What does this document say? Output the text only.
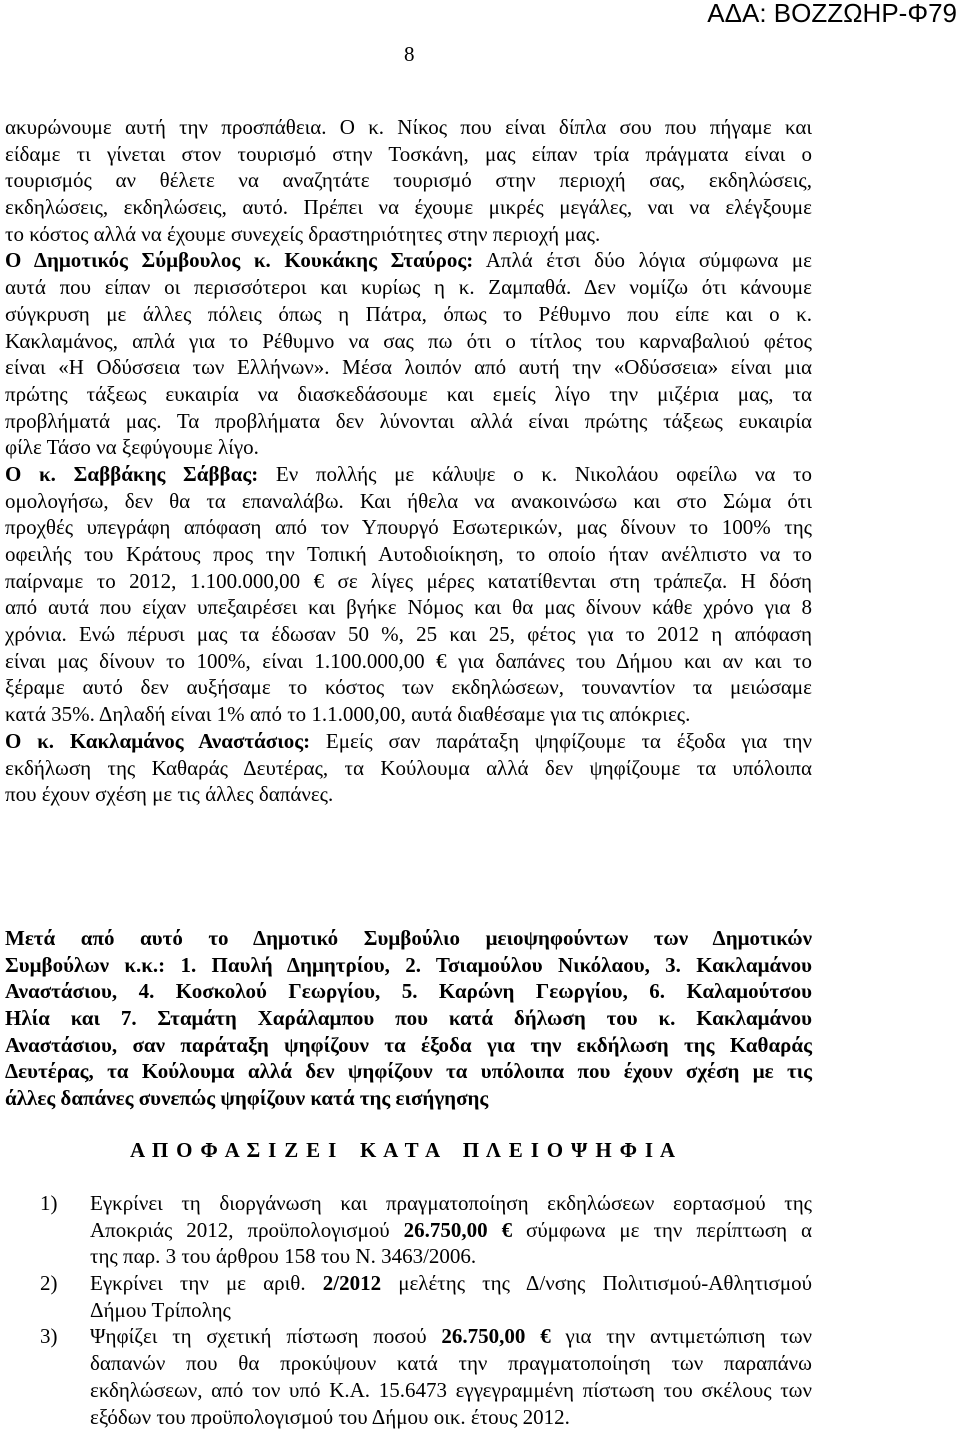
ΑΔΑ: ΒΟΖΖΩΗΡ-Φ79
8
ακυρώνουμε αυτή την προσπάθεια. Ο κ. Νίκος που είναι δίπλα σου που πήγαμε και
είδαμε τι γίνεται στον τουρισμό στην Τοσκάνη, μας είπαν τρία πράγματα είναι ο
τουρισμός αν θέλετε να αναζητάτε τουρισμό στην περιοχή σας, εκδηλώσεις,
εκδηλώσεις, εκδηλώσεις, αυτό. Πρέπει να έχουμε μικρές μεγάλες, ναι να ελέγξουμε
το κόστος αλλά να έχουμε συνεχείς δραστηριότητες στην περιοχή μας.
Ο Δημοτικός Σύμβουλος κ. Κουκάκης Σταύρος: Απλά έτσι δύο λόγια σύμφωνα με
αυτά που είπαν οι περισσότεροι και κυρίως η κ. Ζαμπαθά. Δεν νομίζω ότι κάνουμε
σύγκρυση με άλλες πόλεις όπως η Πάτρα, όπως το Ρέθυμνο που είπε και ο κ.
Κακλαμάνος, απλά για το Ρέθυμνο να σας πω ότι ο τίτλος του καρναβαλιού φέτος
είναι «Η Οδύσσεια των Ελλήνων». Μέσα λοιπόν από αυτή την «Οδύσσεια» είναι μια
πρώτης τάξεως ευκαιρία να διασκεδάσουμε και εμείς λίγο την μιζέρια μας, τα
προβλήματά μας. Τα προβλήματα δεν λύνονται αλλά είναι πρώτης τάξεως ευκαιρία
φίλε Τάσο να ξεφύγουμε λίγο.
Ο κ. Σαββάκης Σάββας: Εν πολλής με κάλυψε ο κ. Νικολάου οφείλω να το
ομολογήσω, δεν θα τα επαναλάβω. Και ήθελα να ανακοινώσω και στο Σώμα ότι
προχθές υπεγράφη απόφαση από τον Υπουργό Εσωτερικών, μας δίνουν το 100% της
οφειλής του Κράτους προς την Τοπική Αυτοδιοίκηση, το οποίο ήταν ανέλπιστο να το
παίρναμε το 2012, 1.100.000,00 € σε λίγες μέρες κατατίθενται στη τράπεζα. Η δόση
από αυτά που είχαν υπεξαιρέσει και βγήκε Νόμος και θα μας δίνουν κάθε χρόνο για 8
χρόνια. Ενώ πέρυσι μας τα έδωσαν 50 %, 25 και 25, φέτος για το 2012 η απόφαση
είναι μας δίνουν το 100%, είναι 1.100.000,00 € για δαπάνες του Δήμου και αν και το
ξέραμε αυτό δεν αυξήσαμε το κόστος των εκδηλώσεων, τουναντίον τα μειώσαμε
κατά 35%. Δηλαδή είναι 1% από το 1.1.000,00, αυτά διαθέσαμε για τις απόκριες.
Ο κ. Κακλαμάνος Αναστάσιος: Εμείς σαν παράταξη ψηφίζουμε τα έξοδα για την
εκδήλωση της Καθαράς Δευτέρας, τα Κούλουμα αλλά δεν ψηφίζουμε τα υπόλοιπα
που έχουν σχέση με τις άλλες δαπάνες.
Μετά από αυτό το Δημοτικό Συμβούλιο μειοψηφούντων των Δημοτικών
Συμβούλων κ.κ.: 1. Παυλή Δημητρίου, 2. Τσιαμούλου Νικόλαου, 3. Κακλαμάνου
Αναστάσιου, 4. Κοσκολού Γεωργίου, 5. Καρώνη Γεωργίου, 6. Καλαμούτσου
Ηλία και 7. Σταμάτη Χαράλαμπου που κατά δήλωση του κ. Κακλαμάνου
Αναστάσιου, σαν παράταξη ψηφίζουν τα έξοδα για την εκδήλωση της Καθαράς
Δευτέρας, τα Κούλουμα αλλά δεν ψηφίζουν τα υπόλοιπα που έχουν σχέση με τις
άλλες δαπάνες συνεπώς ψηφίζουν κατά της εισήγησης
Α Π Ο Φ Α Σ Ι Ζ Ε Ι   Κ Α Τ Α   Π Λ Ε Ι Ο Ψ Η Φ Ι Α
1) Εγκρίνει τη διοργάνωση και πραγματοποίηση εκδηλώσεων εορτασμού της
Αποκριάς 2012, προϋπολογισμού 26.750,00 € σύμφωνα με την περίπτωση α
της παρ. 3 του άρθρου 158 του Ν. 3463/2006.
2) Εγκρίνει την με αριθ. 2/2012 μελέτης της Δ/νσης Πολιτισμού-Αθλητισμού
Δήμου Τρίπολης
3) Ψηφίζει τη σχετική πίστωση ποσού 26.750,00 € για την αντιμετώπιση των
δαπανών που θα προκύψουν κατά την πραγματοποίηση των παραπάνω
εκδηλώσεων, από τον υπό Κ.Α. 15.6473 εγγεγραμμένη πίστωση του σκέλους των
εξόδων του προϋπολογισμού του Δήμου οικ. έτους 2012.
